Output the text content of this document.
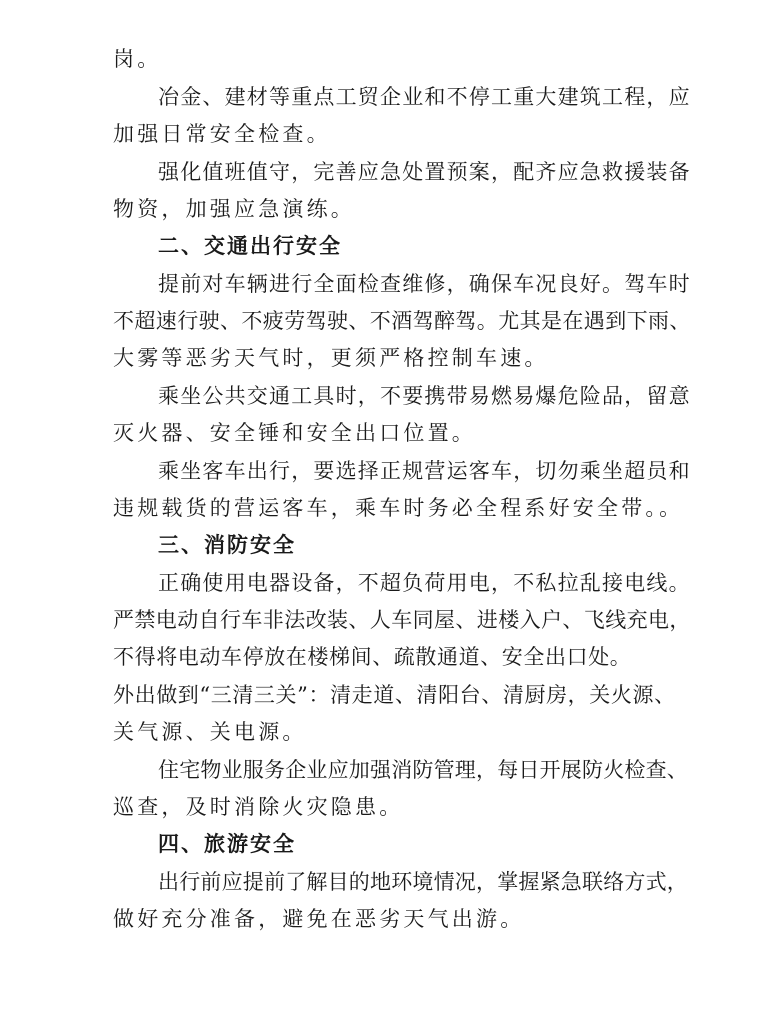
岗。
冶金、建材等重点工贸企业和不停工重大建筑工程，应
加强日常安全检查。
强化值班值守，完善应急处置预案，配齐应急救援装备
物资，加强应急演练。
二、交通出行安全
提前对车辆进行全面检查维修，确保车况良好。驾车时
不超速行驶、不疲劳驾驶、不酒驾醉驾。尤其是在遇到下雨、
大雾等恶劣天气时，更须严格控制车速。
乘坐公共交通工具时，不要携带易燃易爆危险品，留意
灭火器、安全锤和安全出口位置。
乘坐客车出行，要选择正规营运客车，切勿乘坐超员和
违规载货的营运客车，乘车时务必全程系好安全带。。
三、消防安全
正确使用电器设备，不超负荷用电，不私拉乱接电线。
严禁电动自行车非法改装、人车同屋、进楼入户、飞线充电，
不得将电动车停放在楼梯间、疏散通道、安全出口处。
外出做到“三清三关”：清走道、清阳台、清厨房，关火源、
关气源、关电源。
住宅物业服务企业应加强消防管理，每日开展防火检查、
巡查，及时消除火灾隐患。
四、旅游安全
出行前应提前了解目的地环境情况，掌握紧急联络方式，
做好充分准备，避免在恶劣天气出游。
